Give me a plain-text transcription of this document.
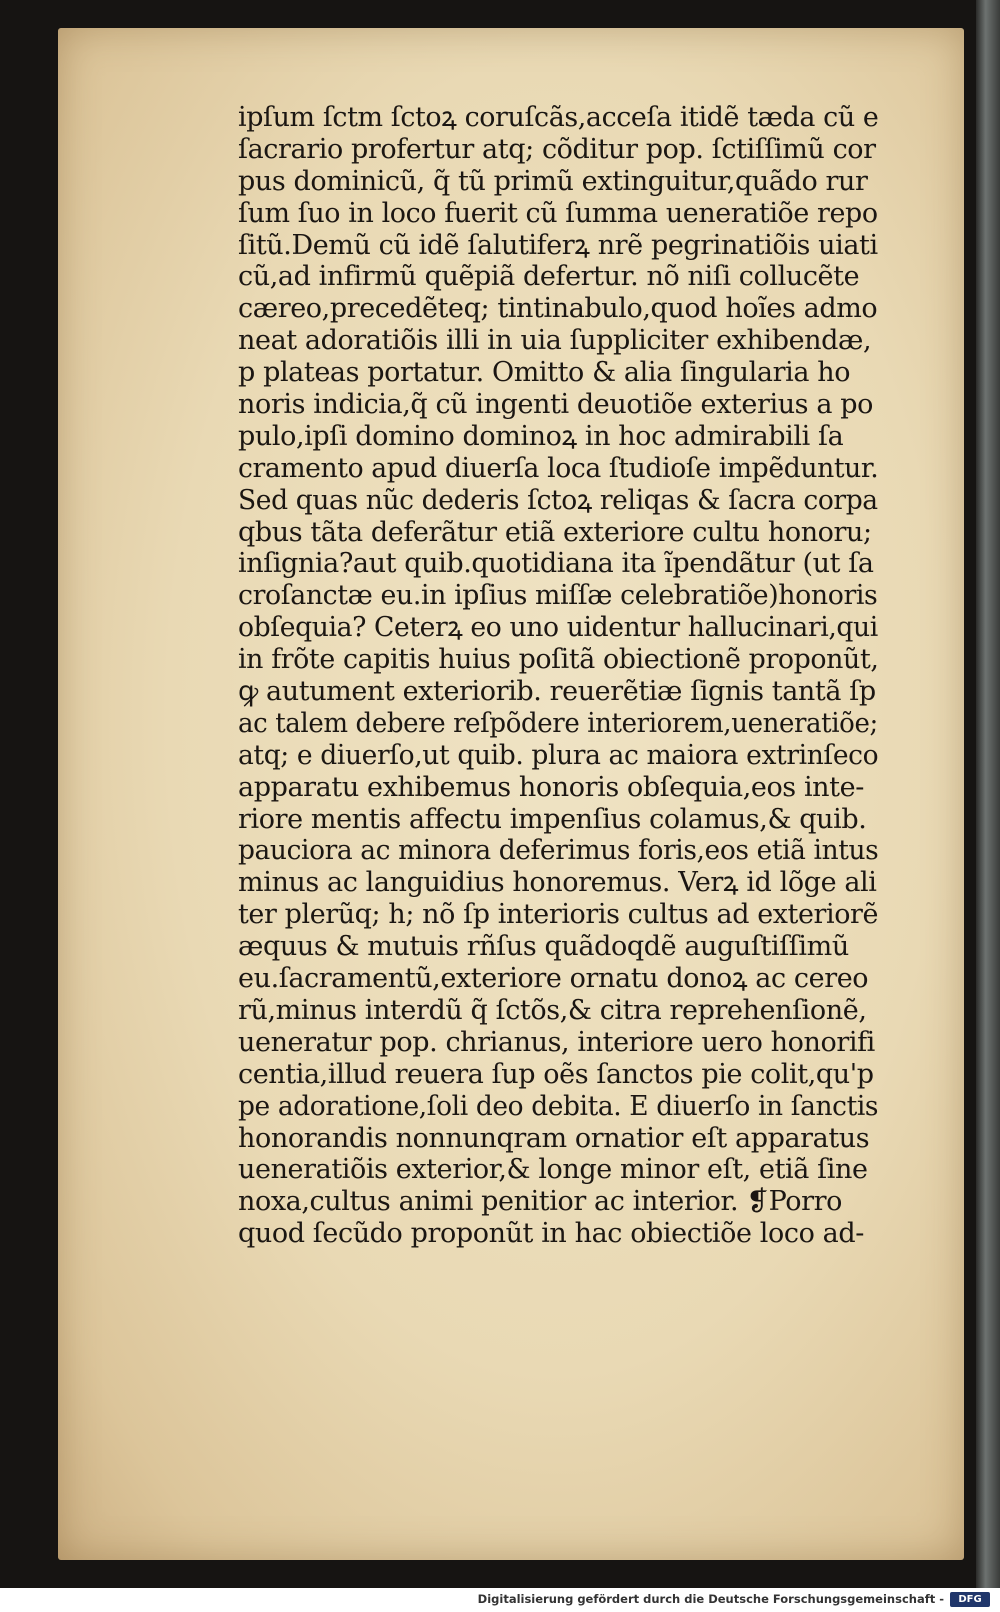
ipſum ſctm ſctoꝝ coruſcãs,acceſa itidẽ tæda cũ e
ſacrario profertur atq; cõditur pop. ſctiſſimũ cor
pus dominicũ, q̃ tũ primũ extinguitur,quãdo rur
ſum ſuo in loco fuerit cũ ſumma ueneratiõe repo
ſitũ.Demũ cũ idẽ ſalutiferꝝ nrẽ pegrinatiõis uiati
cũ,ad infirmũ quẽpiã defertur. nõ niſi collucẽte
cæreo,precedẽteq; tintinabulo,quod hoĩes admo
neat adoratiõis illi in uia ſuppliciter exhibendæ,
p plateas portatur. Omitto & alia ſingularia ho
noris indicia,q̃ cũ ingenti deuotiõe exterius a po
pulo,ipſi domino dominoꝝ in hoc admirabili ſa
cramento apud diuerſa loca ſtudioſe impẽduntur.
Sed quas nũc dederis ſctoꝝ reliqas & ſacra corpa
qbus tãta deferãtur etiã exteriore cultu honoru;
inſignia?aut quib.quotidiana ita ĩpendãtur (ut ſa
croſanctæ eu.in ipſius miſſæ celebratiõe)honoris
obſequia? Ceterꝝ eo uno uidentur hallucinari,qui
in frõte capitis huius poſitã obiectionẽ proponũt,
ꝙ autument exteriorib. reuerẽtiæ ſignis tantã ſp
ac talem debere reſpõdere interiorem,ueneratiõe;
atq; e diuerſo,ut quib. plura ac maiora extrinſeco
apparatu exhibemus honoris obſequia,eos inte-
riore mentis affectu impenſius colamus,& quib.
pauciora ac minora deferimus foris,eos etiã intus
minus ac languidius honoremus. Verꝝ id lõge ali
ter plerũq; h; nõ ſp interioris cultus ad exteriorẽ
æquus & mutuis rñſus quãdoqdẽ auguſtiſſimũ
eu.ſacramentũ,exteriore ornatu donoꝝ ac cereo
rũ,minus interdũ q̃ ſctõs,& citra reprehenſionẽ,
ueneratur pop. chrianus, interiore uero honorifi
centia,illud reuera ſup oẽs ſanctos pie colit,qu'p
pe adoratione,ſoli deo debita. E diuerſo in ſanctis
honorandis nonnunqram ornatior eſt apparatus
ueneratiõis exterior,& longe minor eſt, etiã ſine
noxa,cultus animi penitior ac interior. ❡Porro
quod ſecũdo proponũt in hac obiectiõe loco ad-
Digitalisierung gefördert durch die Deutsche Forschungsgemeinschaft -	DFG
